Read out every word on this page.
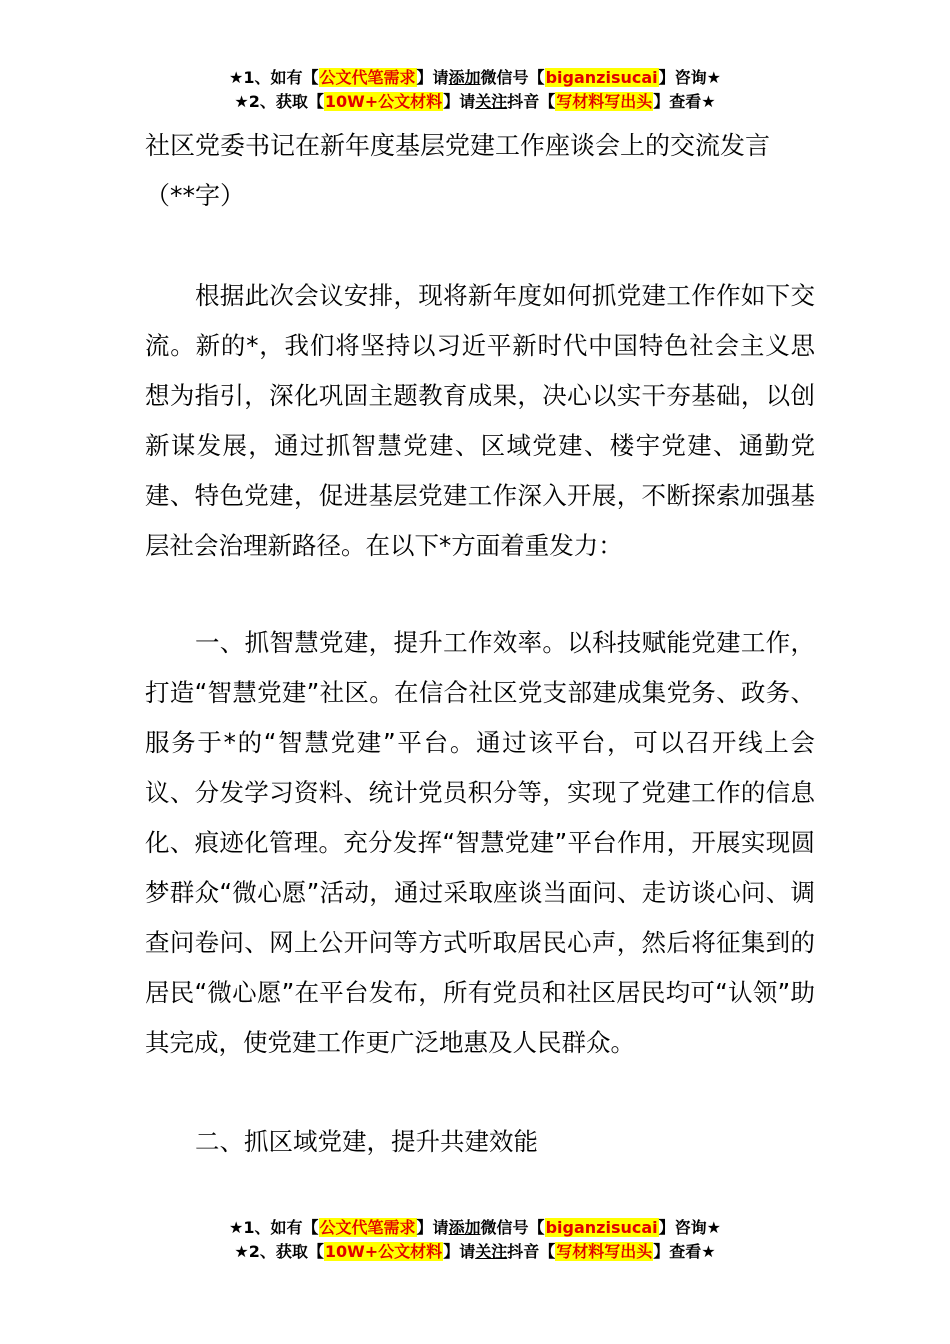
★1、如有【公文代笔需求】请添加微信号【biganzisucai】咨询★
★2、获取【10W+公文材料】请关注抖音【写材料写出头】查看★
社区党委书记在新年度基层党建工作座谈会上的交流发言（**字）
根据此次会议安排，现将新年度如何抓党建工作作如下交流。新的*，我们将坚持以习近平新时代中国特色社会主义思想为指引，深化巩固主题教育成果，决心以实干夯基础，以创新谋发展，通过抓智慧党建、区域党建、楼宇党建、通勤党建、特色党建，促进基层党建工作深入开展，不断探索加强基层社会治理新路径。在以下*方面着重发力：
一、抓智慧党建，提升工作效率。以科技赋能党建工作，打造“智慧党建”社区。在信合社区党支部建成集党务、政务、服务于*的“智慧党建”平台。通过该平台，可以召开线上会议、分发学习资料、统计党员积分等，实现了党建工作的信息化、痕迹化管理。充分发挥“智慧党建”平台作用，开展实现圆梦群众“微心愿”活动，通过采取座谈当面问、走访谈心问、调查问卷问、网上公开问等方式听取居民心声，然后将征集到的居民“微心愿”在平台发布，所有党员和社区居民均可“认领”助其完成，使党建工作更广泛地惠及人民群众。
二、抓区域党建，提升共建效能
★1、如有【公文代笔需求】请添加微信号【biganzisucai】咨询★
★2、获取【10W+公文材料】请关注抖音【写材料写出头】查看★
